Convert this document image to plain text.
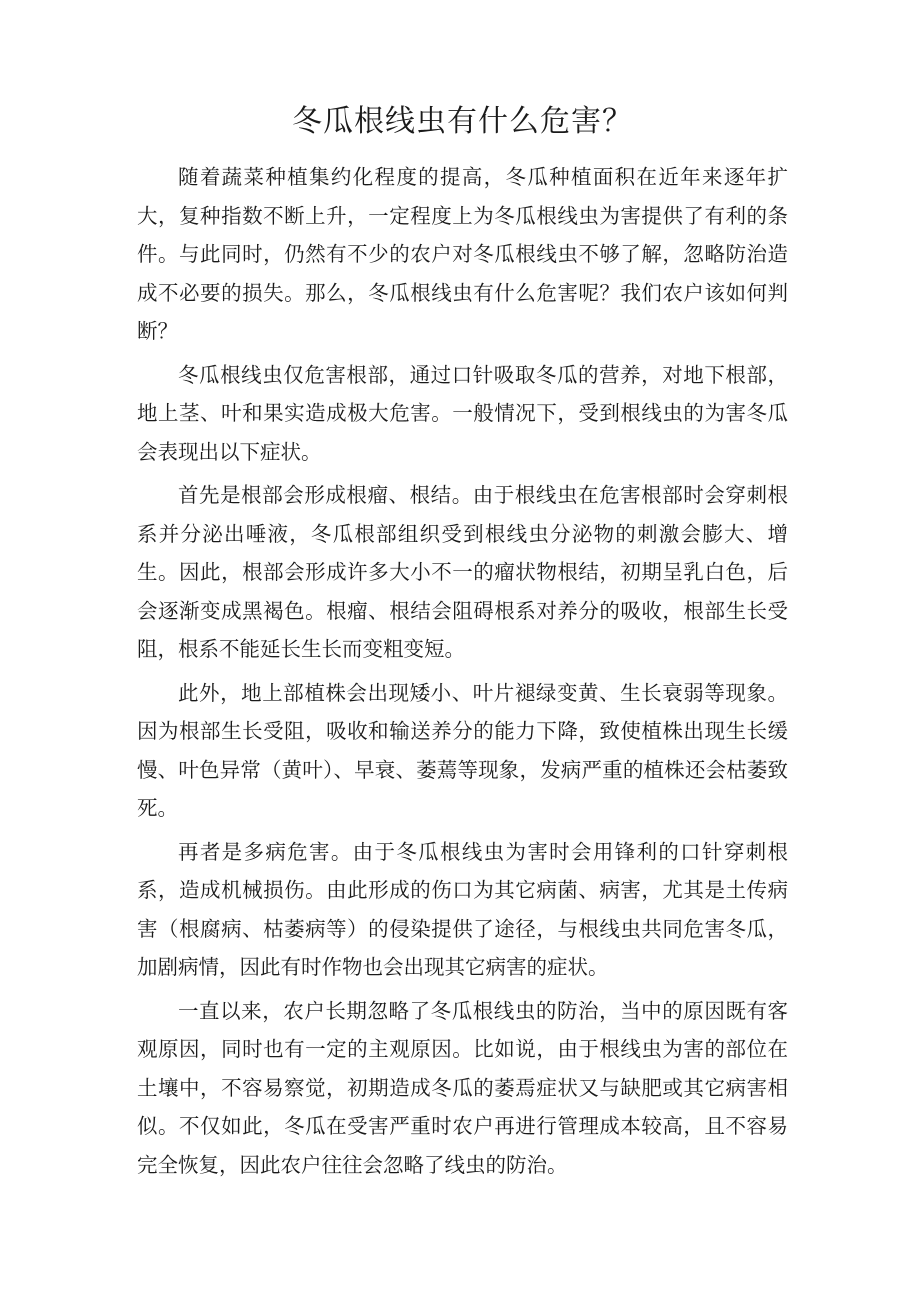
冬瓜根线虫有什么危害？

随着蔬菜种植集约化程度的提高，冬瓜种植面积在近年来逐年扩大，复种指数不断上升，一定程度上为冬瓜根线虫为害提供了有利的条件。与此同时，仍然有不少的农户对冬瓜根线虫不够了解，忽略防治造成不必要的损失。那么，冬瓜根线虫有什么危害呢？我们农户该如何判断？

冬瓜根线虫仅危害根部，通过口针吸取冬瓜的营养，对地下根部，地上茎、叶和果实造成极大危害。一般情况下，受到根线虫的为害冬瓜会表现出以下症状。

首先是根部会形成根瘤、根结。由于根线虫在危害根部时会穿刺根系并分泌出唾液，冬瓜根部组织受到根线虫分泌物的刺激会膨大、增生。因此，根部会形成许多大小不一的瘤状物根结，初期呈乳白色，后会逐渐变成黑褐色。根瘤、根结会阻碍根系对养分的吸收，根部生长受阻，根系不能延长生长而变粗变短。

此外，地上部植株会出现矮小、叶片褪绿变黄、生长衰弱等现象。因为根部生长受阻，吸收和输送养分的能力下降，致使植株出现生长缓慢、叶色异常（黄叶）、早衰、萎蔫等现象，发病严重的植株还会枯萎致死。

再者是多病危害。由于冬瓜根线虫为害时会用锋利的口针穿刺根系，造成机械损伤。由此形成的伤口为其它病菌、病害，尤其是土传病害（根腐病、枯萎病等）的侵染提供了途径，与根线虫共同危害冬瓜，加剧病情，因此有时作物也会出现其它病害的症状。

一直以来，农户长期忽略了冬瓜根线虫的防治，当中的原因既有客观原因，同时也有一定的主观原因。比如说，由于根线虫为害的部位在土壤中，不容易察觉，初期造成冬瓜的萎焉症状又与缺肥或其它病害相似。不仅如此，冬瓜在受害严重时农户再进行管理成本较高，且不容易完全恢复，因此农户往往会忽略了线虫的防治。
